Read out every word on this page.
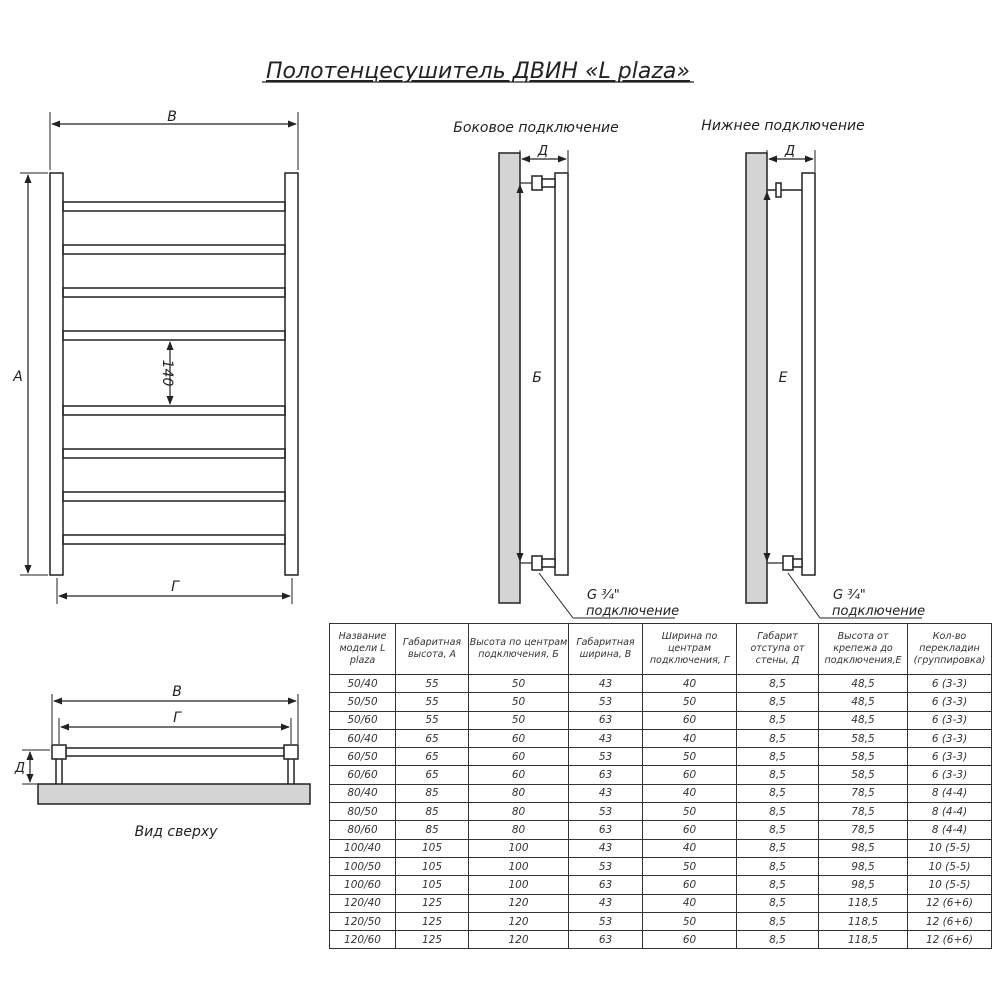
Полотенцесушитель ДВИН «L plaza»
В
А	140
Г
Боковое подключение
Д
Б
G ¾"
подключение
Нижнее подключение
Д
Е
G ¾"
подключение
В
Г
Д
Вид сверху
Название модели L plaza	Габаритная высота, А	Высота по центрам подключения, Б	Габаритная ширина, В	Ширина по центрам подключения, Г	Габарит отступа от стены, Д	Высота от крепежа до подключения,Е	Кол-во перекладин (группировка)
50/40	55	50	43	40	8,5	48,5	6 (3-3)
50/50	55	50	53	50	8,5	48,5	6 (3-3)
50/60	55	50	63	60	8,5	48,5	6 (3-3)
60/40	65	60	43	40	8,5	58,5	6 (3-3)
60/50	65	60	53	50	8,5	58,5	6 (3-3)
60/60	65	60	63	60	8,5	58,5	6 (3-3)
80/40	85	80	43	40	8,5	78,5	8 (4-4)
80/50	85	80	53	50	8,5	78,5	8 (4-4)
80/60	85	80	63	60	8,5	78,5	8 (4-4)
100/40	105	100	43	40	8,5	98,5	10 (5-5)
100/50	105	100	53	50	8,5	98,5	10 (5-5)
100/60	105	100	63	60	8,5	98,5	10 (5-5)
120/40	125	120	43	40	8,5	118,5	12 (6+6)
120/50	125	120	53	50	8,5	118,5	12 (6+6)
120/60	125	120	63	60	8,5	118,5	12 (6+6)
